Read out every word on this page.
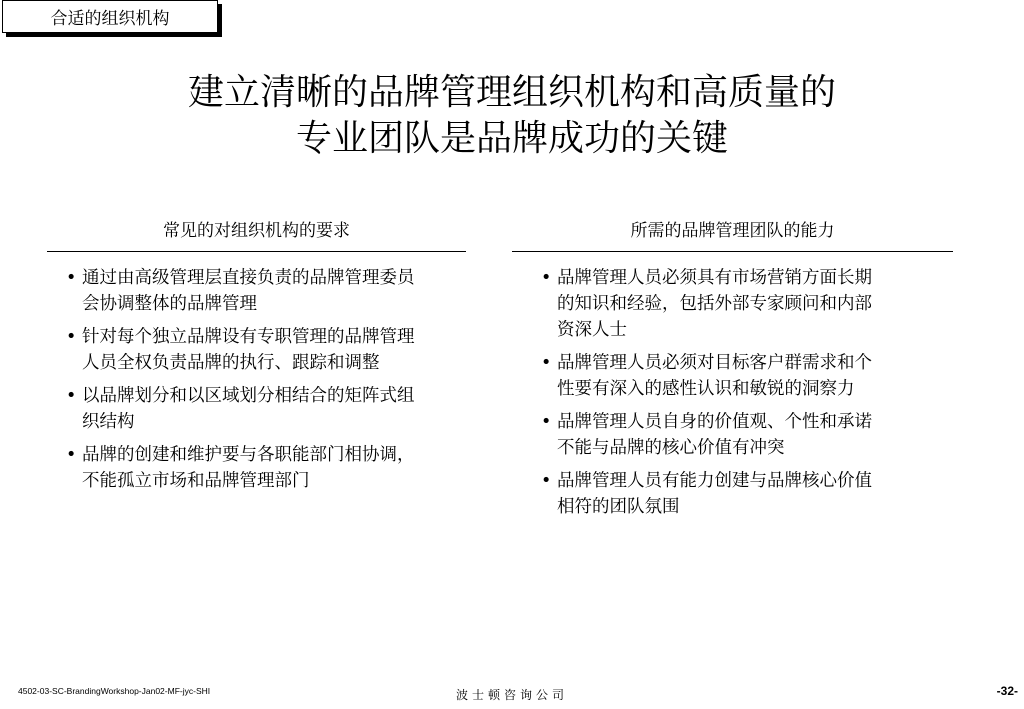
合适的组织机构
建立清晰的品牌管理组织机构和高质量的
专业团队是品牌成功的关键
常见的对组织机构的要求	所需的品牌管理团队的能力
• 通过由高级管理层直接负责的品牌管理委员
会协调整体的品牌管理
• 针对每个独立品牌设有专职管理的品牌管理
人员全权负责品牌的执行、跟踪和调整
• 以品牌划分和以区域划分相结合的矩阵式组
织结构
• 品牌的创建和维护要与各职能部门相协调，
不能孤立市场和品牌管理部门
• 品牌管理人员必须具有市场营销方面长期
的知识和经验，包括外部专家顾问和内部
资深人士
• 品牌管理人员必须对目标客户群需求和个
性要有深入的感性认识和敏锐的洞察力
• 品牌管理人员自身的价值观、个性和承诺
不能与品牌的核心价值有冲突
• 品牌管理人员有能力创建与品牌核心价值
相符的团队氛围
4502-03-SC-BrandingWorkshop-Jan02-MF-jyc-SHI	波士顿咨询公司	-32-
